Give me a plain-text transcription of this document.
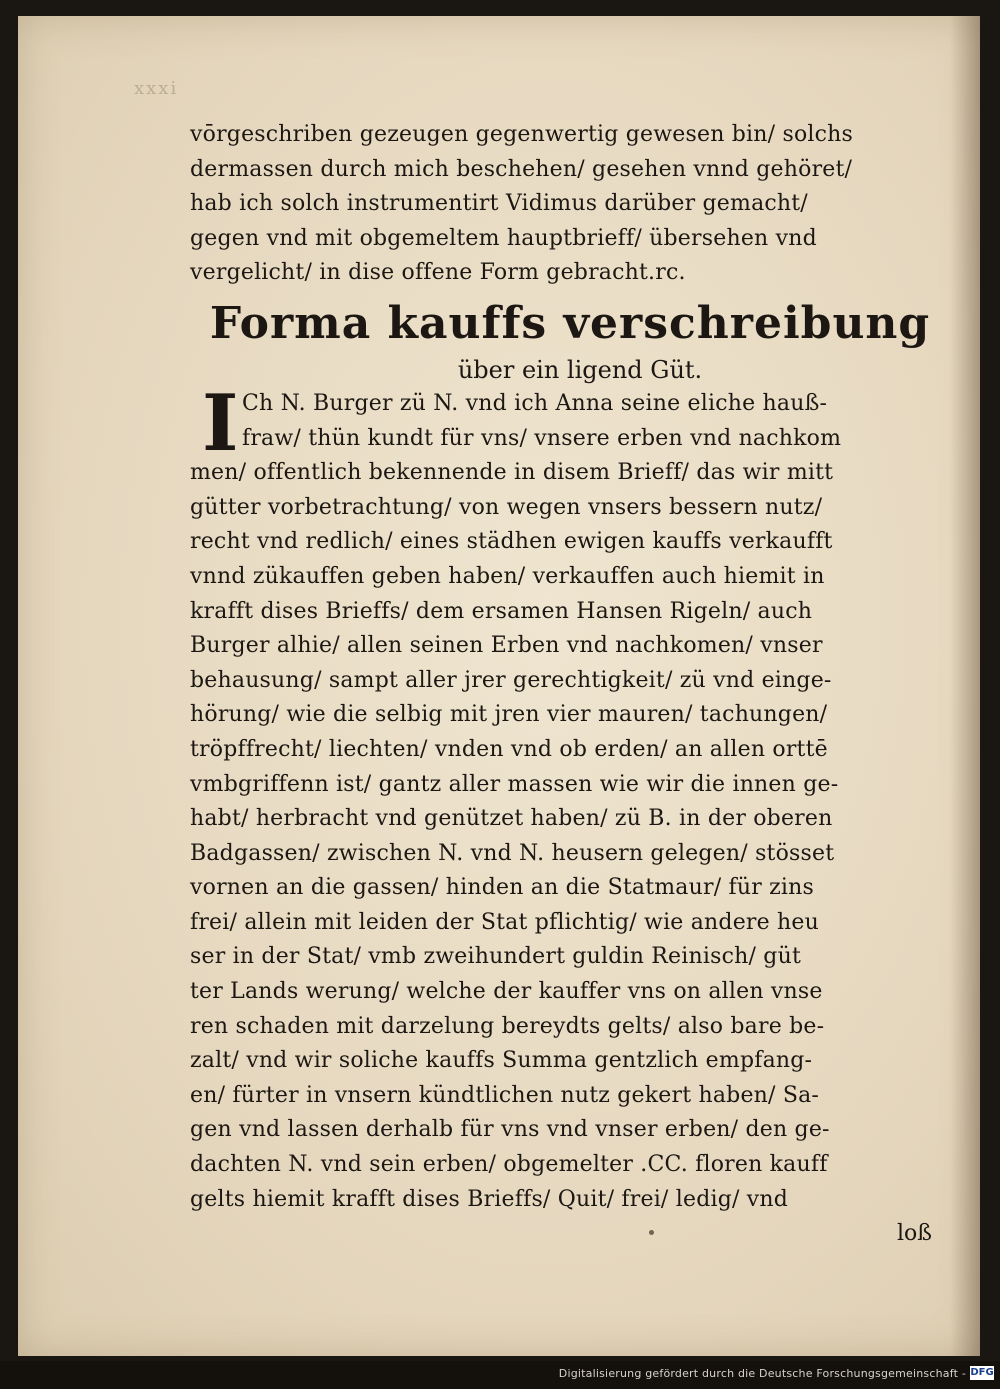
xxxi
vōrgeschriben gezeugen gegenwertig gewesen bin/ solchs
dermassen durch mich beschehen/ gesehen vnnd gehöret/
hab ich solch instrumentirt Vidimus darüber gemacht/
gegen vnd mit obgemeltem hauptbrieff/ übersehen vnd
vergelicht/ in dise offene Form gebracht.rc.
Forma kauffs verschreibung
über ein ligend Güt.
I Ch N. Burger zü N. vnd ich Anna seine eliche hauß-
fraw/ thün kundt für vns/ vnsere erben vnd nachkom
men/ offentlich bekennende in disem Brieff/ das wir mitt
gütter vorbetrachtung/ von wegen vnsers bessern nutz/
recht vnd redlich/ eines städhen ewigen kauffs verkaufft
vnnd zükauffen geben haben/ verkauffen auch hiemit in
krafft dises Brieffs/ dem ersamen Hansen Rigeln/ auch
Burger alhie/ allen seinen Erben vnd nachkomen/ vnser
behausung/ sampt aller jrer gerechtigkeit/ zü vnd einge-
hörung/ wie die selbig mit jren vier mauren/ tachungen/
tröpffrecht/ liechten/ vnden vnd ob erden/ an allen orttē
vmbgriffenn ist/ gantz aller massen wie wir die innen ge-
habt/ herbracht vnd genützet haben/ zü B. in der oberen
Badgassen/ zwischen N. vnd N. heusern gelegen/ stösset
vornen an die gassen/ hinden an die Statmaur/ für zins
frei/ allein mit leiden der Stat pflichtig/ wie andere heu
ser in der Stat/ vmb zweihundert guldin Reinisch/ güt
ter Lands werung/ welche der kauffer vns on allen vnse
ren schaden mit darzelung bereydts gelts/ also bare be-
zalt/ vnd wir soliche kauffs Summa gentzlich empfang-
en/ fürter in vnsern kündtlichen nutz gekert haben/ Sa-
gen vnd lassen derhalb für vns vnd vnser erben/ den ge-
dachten N. vnd sein erben/ obgemelter .CC. floren kauff
gelts hiemit krafft dises Brieffs/ Quit/ frei/ ledig/ vnd
loß
Digitalisierung gefördert durch die Deutsche Forschungsgemeinschaft - DFG
